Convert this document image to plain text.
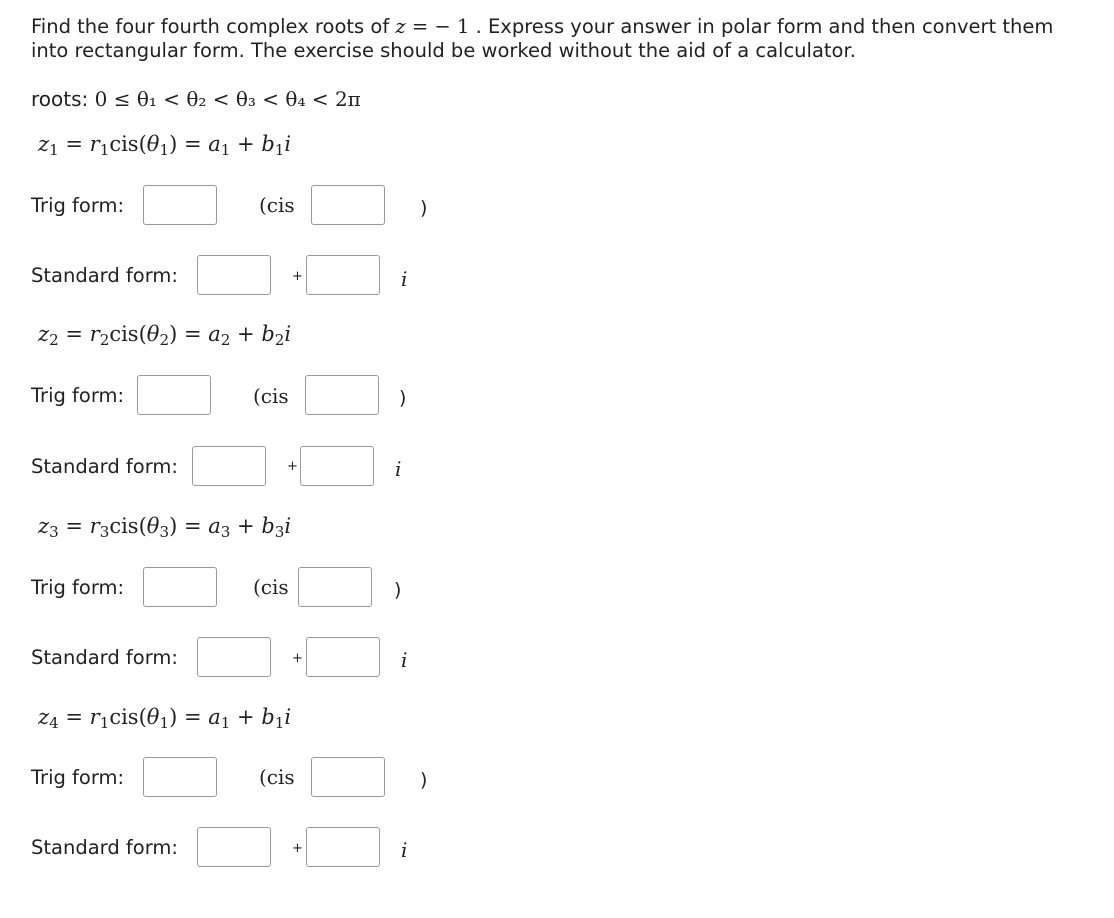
Find the four fourth complex roots of z = − 1 . Express your answer in polar form and then convert them into rectangular form. The exercise should be worked without the aid of a calculator.
roots: 0 ≤ θ₁ < θ₂ < θ₃ < θ₄ < 2π
$z_1 = r_1cis(\theta_1) = a_1 + b_1i$
Trig form:	(cis	)
Standard form:	+	i
$z_2 = r_2cis(\theta_2) = a_2 + b_2i$
Trig form:	(cis	)
Standard form:	+	i
$z_3 = r_3cis(\theta_3) = a_3 + b_3i$
Trig form:	(cis	)
Standard form:	+	i
$z_4 = r_1cis(\theta_1) = a_1 + b_1i$
Trig form:	(cis	)
Standard form:	+	i
